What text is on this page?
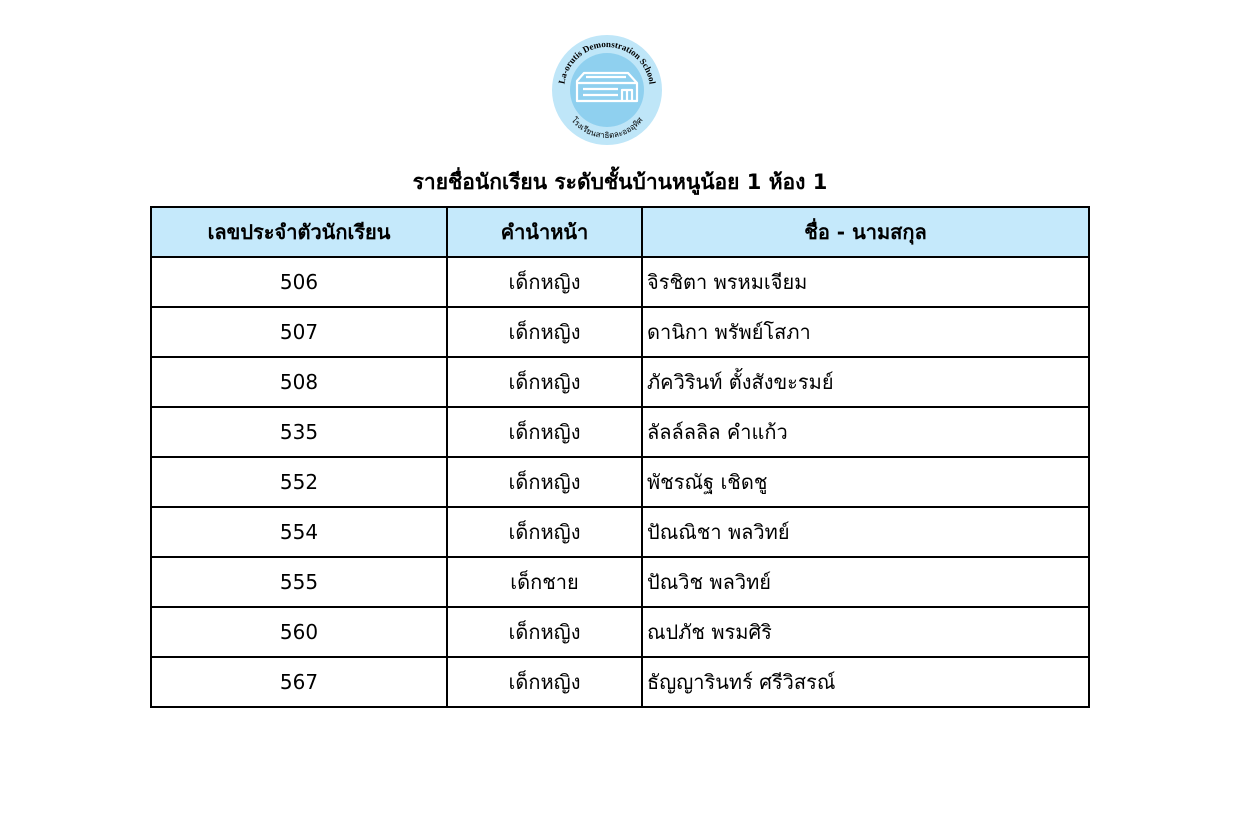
La-orutis Demonstration School
โรงเรียนสาธิตละอออุทิศ
รายชื่อนักเรียน ระดับชั้นบ้านหนูน้อย 1 ห้อง 1
เลขประจำตัวนักเรียน	คำนำหน้า	ชื่อ - นามสกุล
506	เด็กหญิง	จิรชิตา พรหมเจียม
507	เด็กหญิง	ดานิกา พรัพย์โสภา
508	เด็กหญิง	ภัควิรินท์ ตั้งสังขะรมย์
535	เด็กหญิง	ลัลล์ลลิล คำแก้ว
552	เด็กหญิง	พัชรณัฐ เชิดชู
554	เด็กหญิง	ปัณณิชา พลวิทย์
555	เด็กชาย	ปัณวิช พลวิทย์
560	เด็กหญิง	ณปภัช พรมศิริ
567	เด็กหญิง	ธัญญารินทร์ ศรีวิสรณ์
